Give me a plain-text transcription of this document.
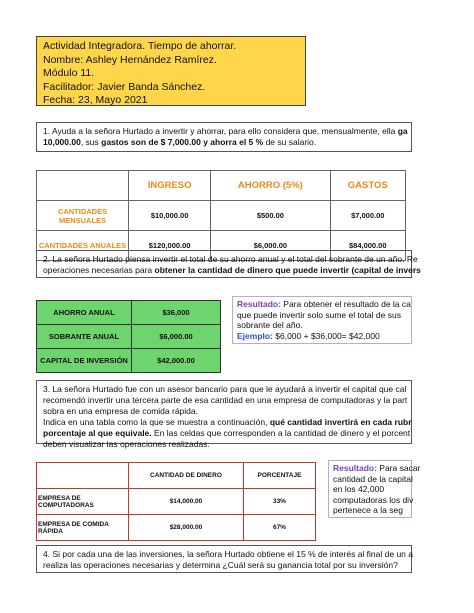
Actividad Integradora. Tiempo de ahorrar.
Nombre: Ashley Hernández Ramírez.
Módulo 11.
Facilitador: Javier Banda Sánchez.
Fecha: 23, Mayo 2021
1. Ayuda a la señora Hurtado a invertir y ahorrar, para ello considera que, mensualmente, ella ga
10,000.00, sus gastos son de $ 7,000.00 y ahorra el 5 % de su salario.
	INGRESO	AHORRO (5%)	GASTOS
CANTIDADES MENSUALES	$10,000.00	$500.00	$7,000.00
CANTIDADES ANUALES	$120,000.00	$6,000.00	$84,000.00
2. La señora Hurtado piensa invertir el total de su ahorro anual y el total del sobrante de un año. Re
operaciones necesarias para obtener la cantidad de dinero que puede invertir (capital de invers
AHORRO ANUAL	$36,000
SOBRANTE ANUAL	$6,000.00
CAPITAL DE INVERSIÓN	$42,000.00
Resultado: Para obtener el resultado de la ca
que puede invertir solo sume el total de sus
sobrante del año.
Ejemplo: $6,000 + $36,000= $42,000
3. La señora Hurtado fue con un asesor bancario para que le ayudará a invertir el capital que cal
recomendó invertir una tercera parte de esa cantidad en una empresa de computadoras y la part
sobra en una empresa de comida rápida.
Indica en una tabla como la que se muestra a continuación, qué cantidad invertirá en cada rubr
porcentaje al que equivale. En las celdas que corresponden a la cantidad de dinero y el porcent
deben visualizar las operaciones realizadas.
	CANTIDAD DE DINERO	PORCENTAJE
EMPRESA DE COMPUTADORAS	$14,000.00	33%
EMPRESA DE COMIDA RÁPIDA	$28,000.00	67%
Resultado: Para sacar
cantidad de la capital
en los 42,000
computadoras los div
pertenece a la seg
4. Si por cada una de las inversiones, la señora Hurtado obtiene el 15 % de interés al final de un a
realiza las operaciones necesarias y determina ¿Cuál será su ganancia total por su inversión?
